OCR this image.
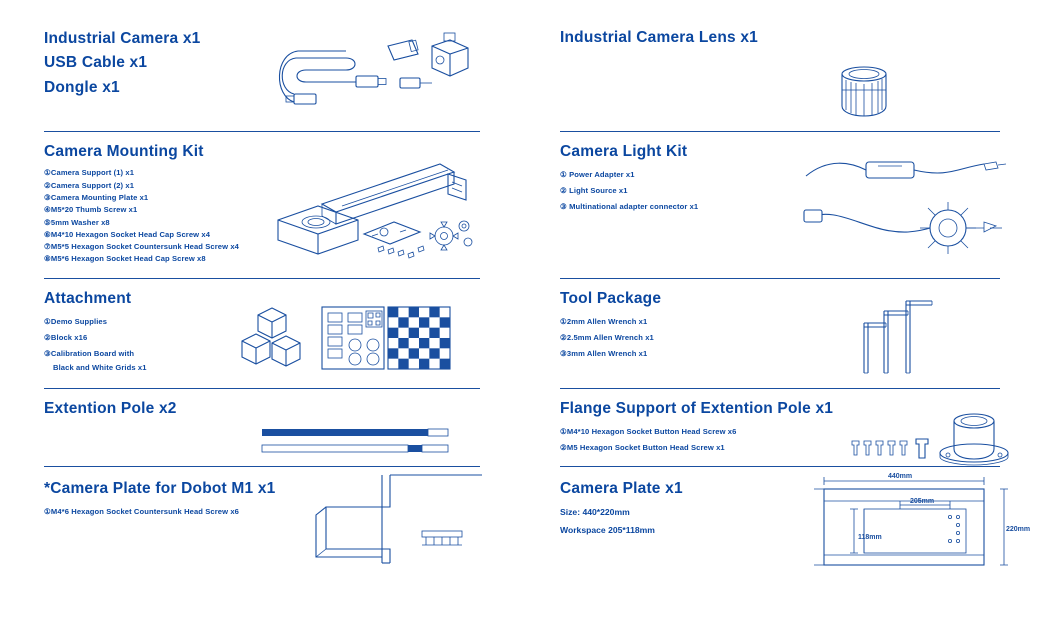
Industrial Camera x1
USB Cable x1
Dongle x1
Camera Mounting Kit
①Camera Support (1) x1
②Camera Support (2) x1
③Camera Mounting Plate x1
④M5*20 Thumb Screw x1
⑤5mm Washer x8
⑥M4*10 Hexagon Socket Head Cap Screw x4
⑦M5*5 Hexagon Socket Countersunk Head Screw x4
⑧M5*6 Hexagon Socket Head Cap Screw x8
Attachment
①Demo Supplies
②Block x16
③Calibration Board with
Black and White Grids x1
Extention Pole x2
*Camera Plate for Dobot M1 x1
①M4*6 Hexagon Socket Countersunk Head Screw x6
Industrial Camera Lens x1
Camera Light Kit
① Power Adapter x1
② Light Source x1
③ Multinational adapter connector x1
Tool Package
①2mm Allen Wrench x1
②2.5mm Allen Wrench x1
③3mm Allen Wrench x1
Flange Support of Extention Pole x1
①M4*10 Hexagon Socket Button Head Screw x6
②M5 Hexagon Socket Button Head Screw x1
Camera Plate x1
Size: 440*220mm
Workspace 205*118mm
440mm
118mm
205mm
220mm
